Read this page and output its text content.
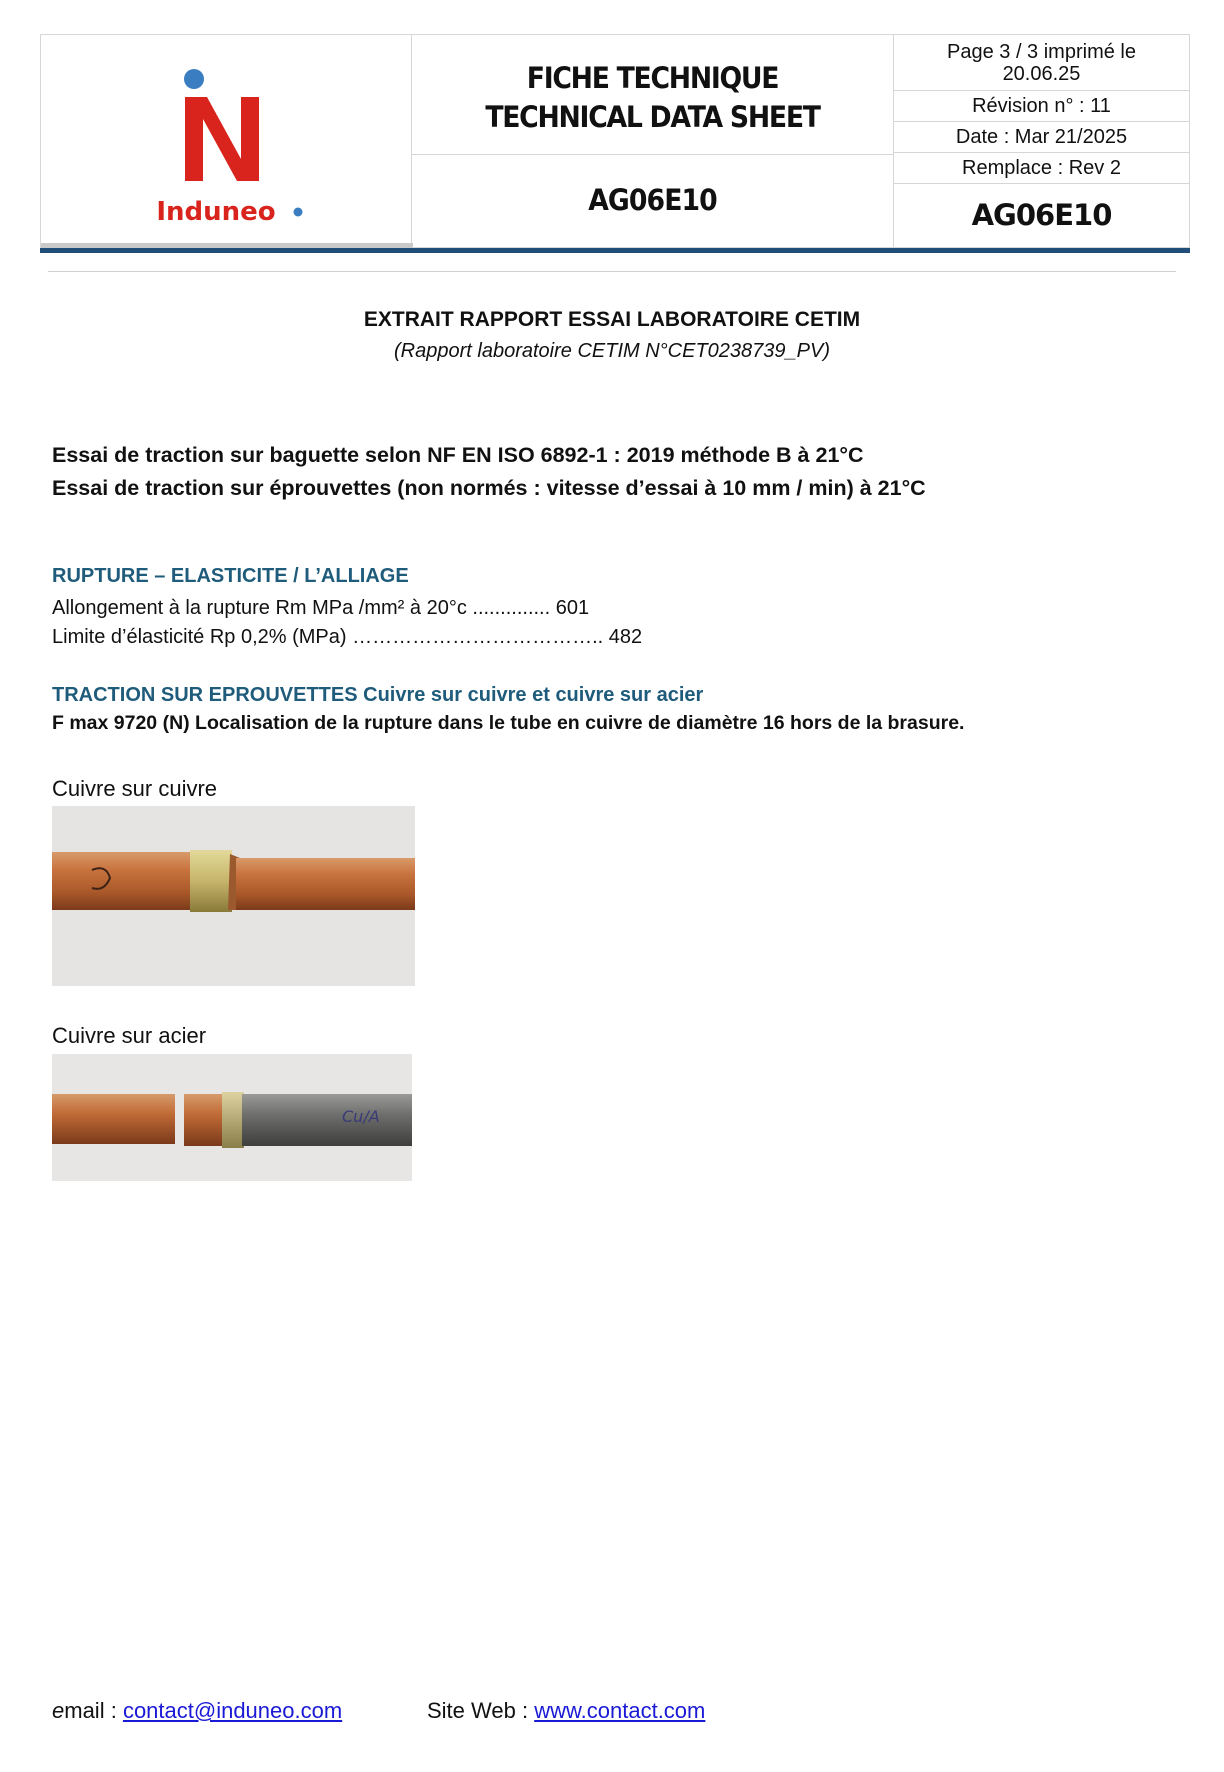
Induneo
FICHE TECHNIQUE
TECHNICAL DATA SHEET
AG06E10
Page 3 / 3 imprimé le
20.06.25
Révision n° : 11
Date : Mar 21/2025
Remplace : Rev 2
AG06E10
EXTRAIT RAPPORT ESSAI LABORATOIRE CETIM
(Rapport laboratoire CETIM N°CET0238739_PV)
Essai de traction sur baguette selon NF EN ISO 6892-1 : 2019 méthode B à 21°C
Essai de traction sur éprouvettes (non normés : vitesse d’essai à 10 mm / min) à 21°C
RUPTURE – ELASTICITE / L’ALLIAGE
Allongement à la rupture Rm MPa /mm² à 20°c .............. 601
Limite d’élasticité Rp 0,2% (MPa) ……………………………….. 482
TRACTION SUR EPROUVETTES Cuivre sur cuivre et cuivre sur acier
F max 9720 (N) Localisation de la rupture dans le tube en cuivre de diamètre 16 hors de la brasure.
Cuivre sur cuivre
Cuivre sur acier
Cu/A
email : contact@induneo.com	Site Web : www.contact.com
